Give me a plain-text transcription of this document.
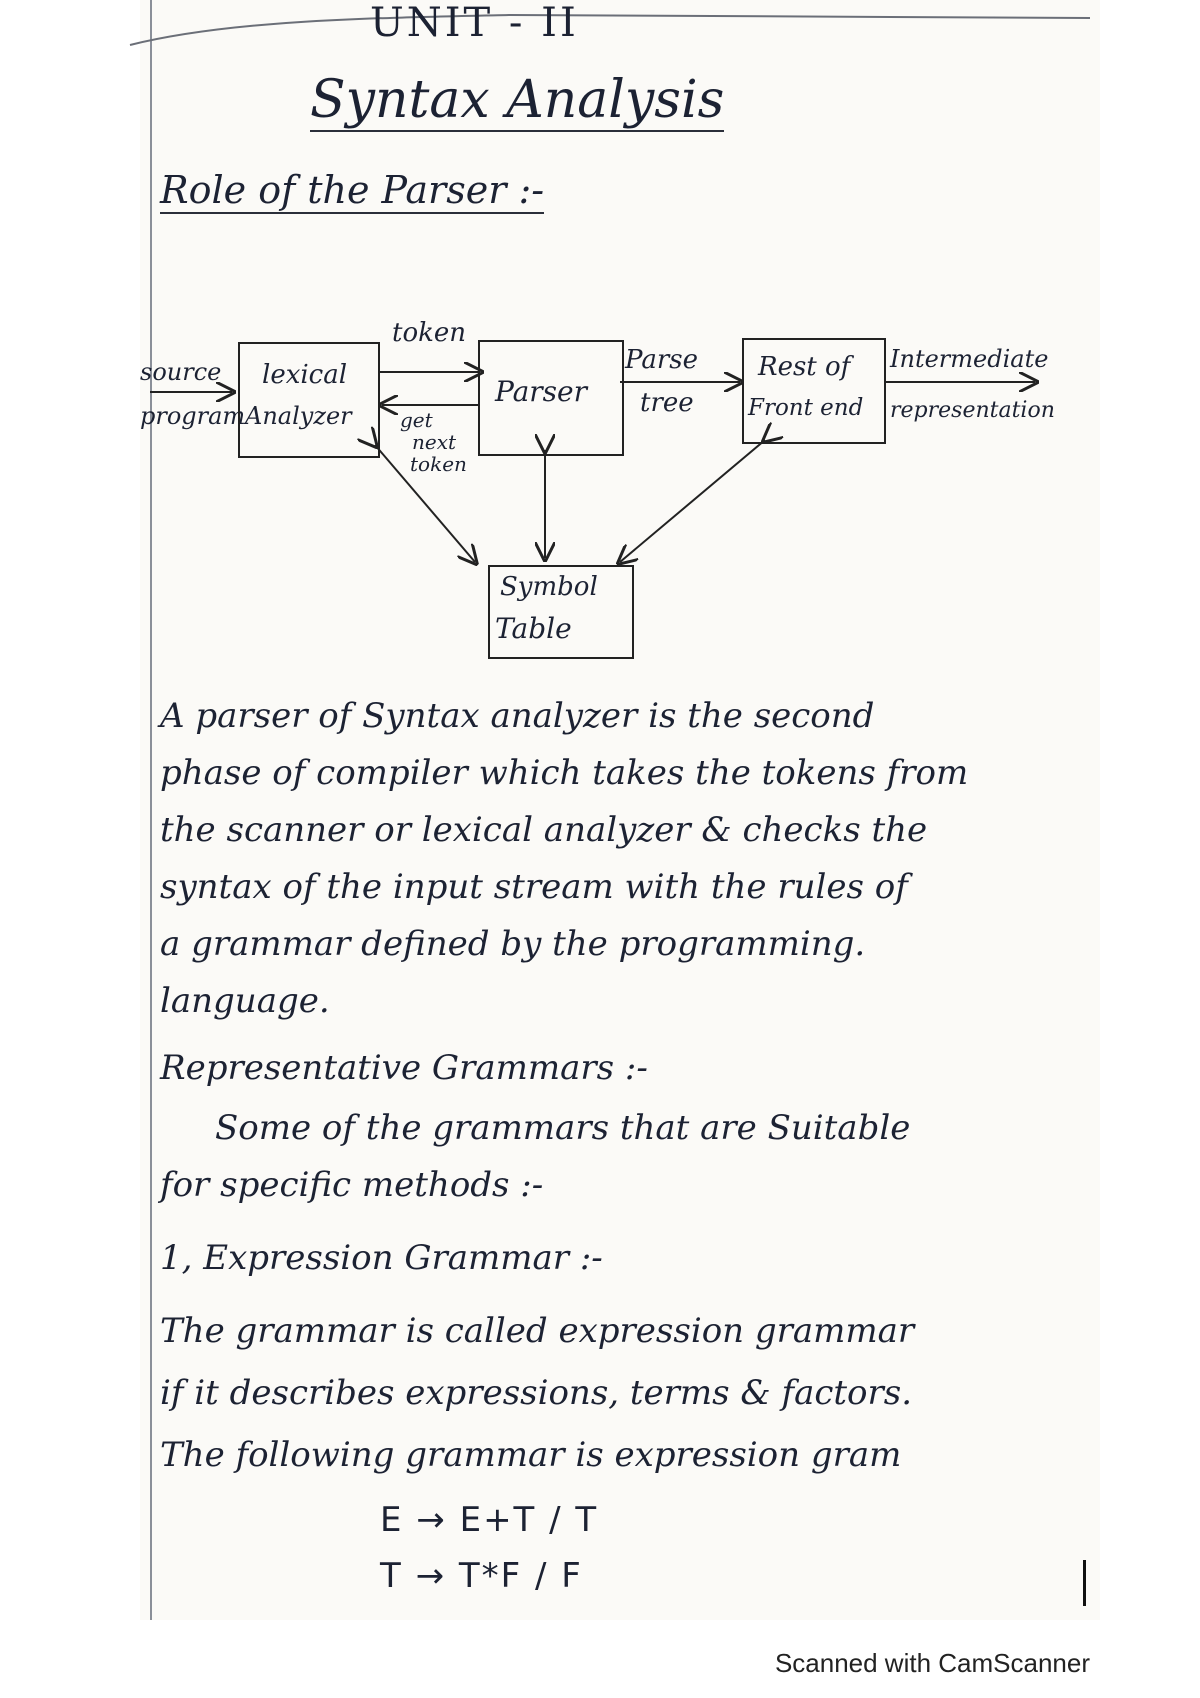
UNIT - II
Syntax Analysis
Role of the Parser :-
source
program
lexical
Analyzer
token
get
next
token
Parser
Parse
tree
Rest of
Front end
Intermediate
representation
Symbol
Table
A parser of Syntax analyzer is the second
phase of compiler which takes the tokens from
the scanner or lexical analyzer & checks the
syntax of the input stream with the rules of
a grammar defined by the programming.
language.
Representative Grammars :-
Some of the grammars that are Suitable
for specific methods :-
1, Expression Grammar :-
The grammar is called expression grammar
if it describes expressions, terms & factors.
The following grammar is expression gram
E → E+T / T
T → T*F / F
Scanned with CamScanner
